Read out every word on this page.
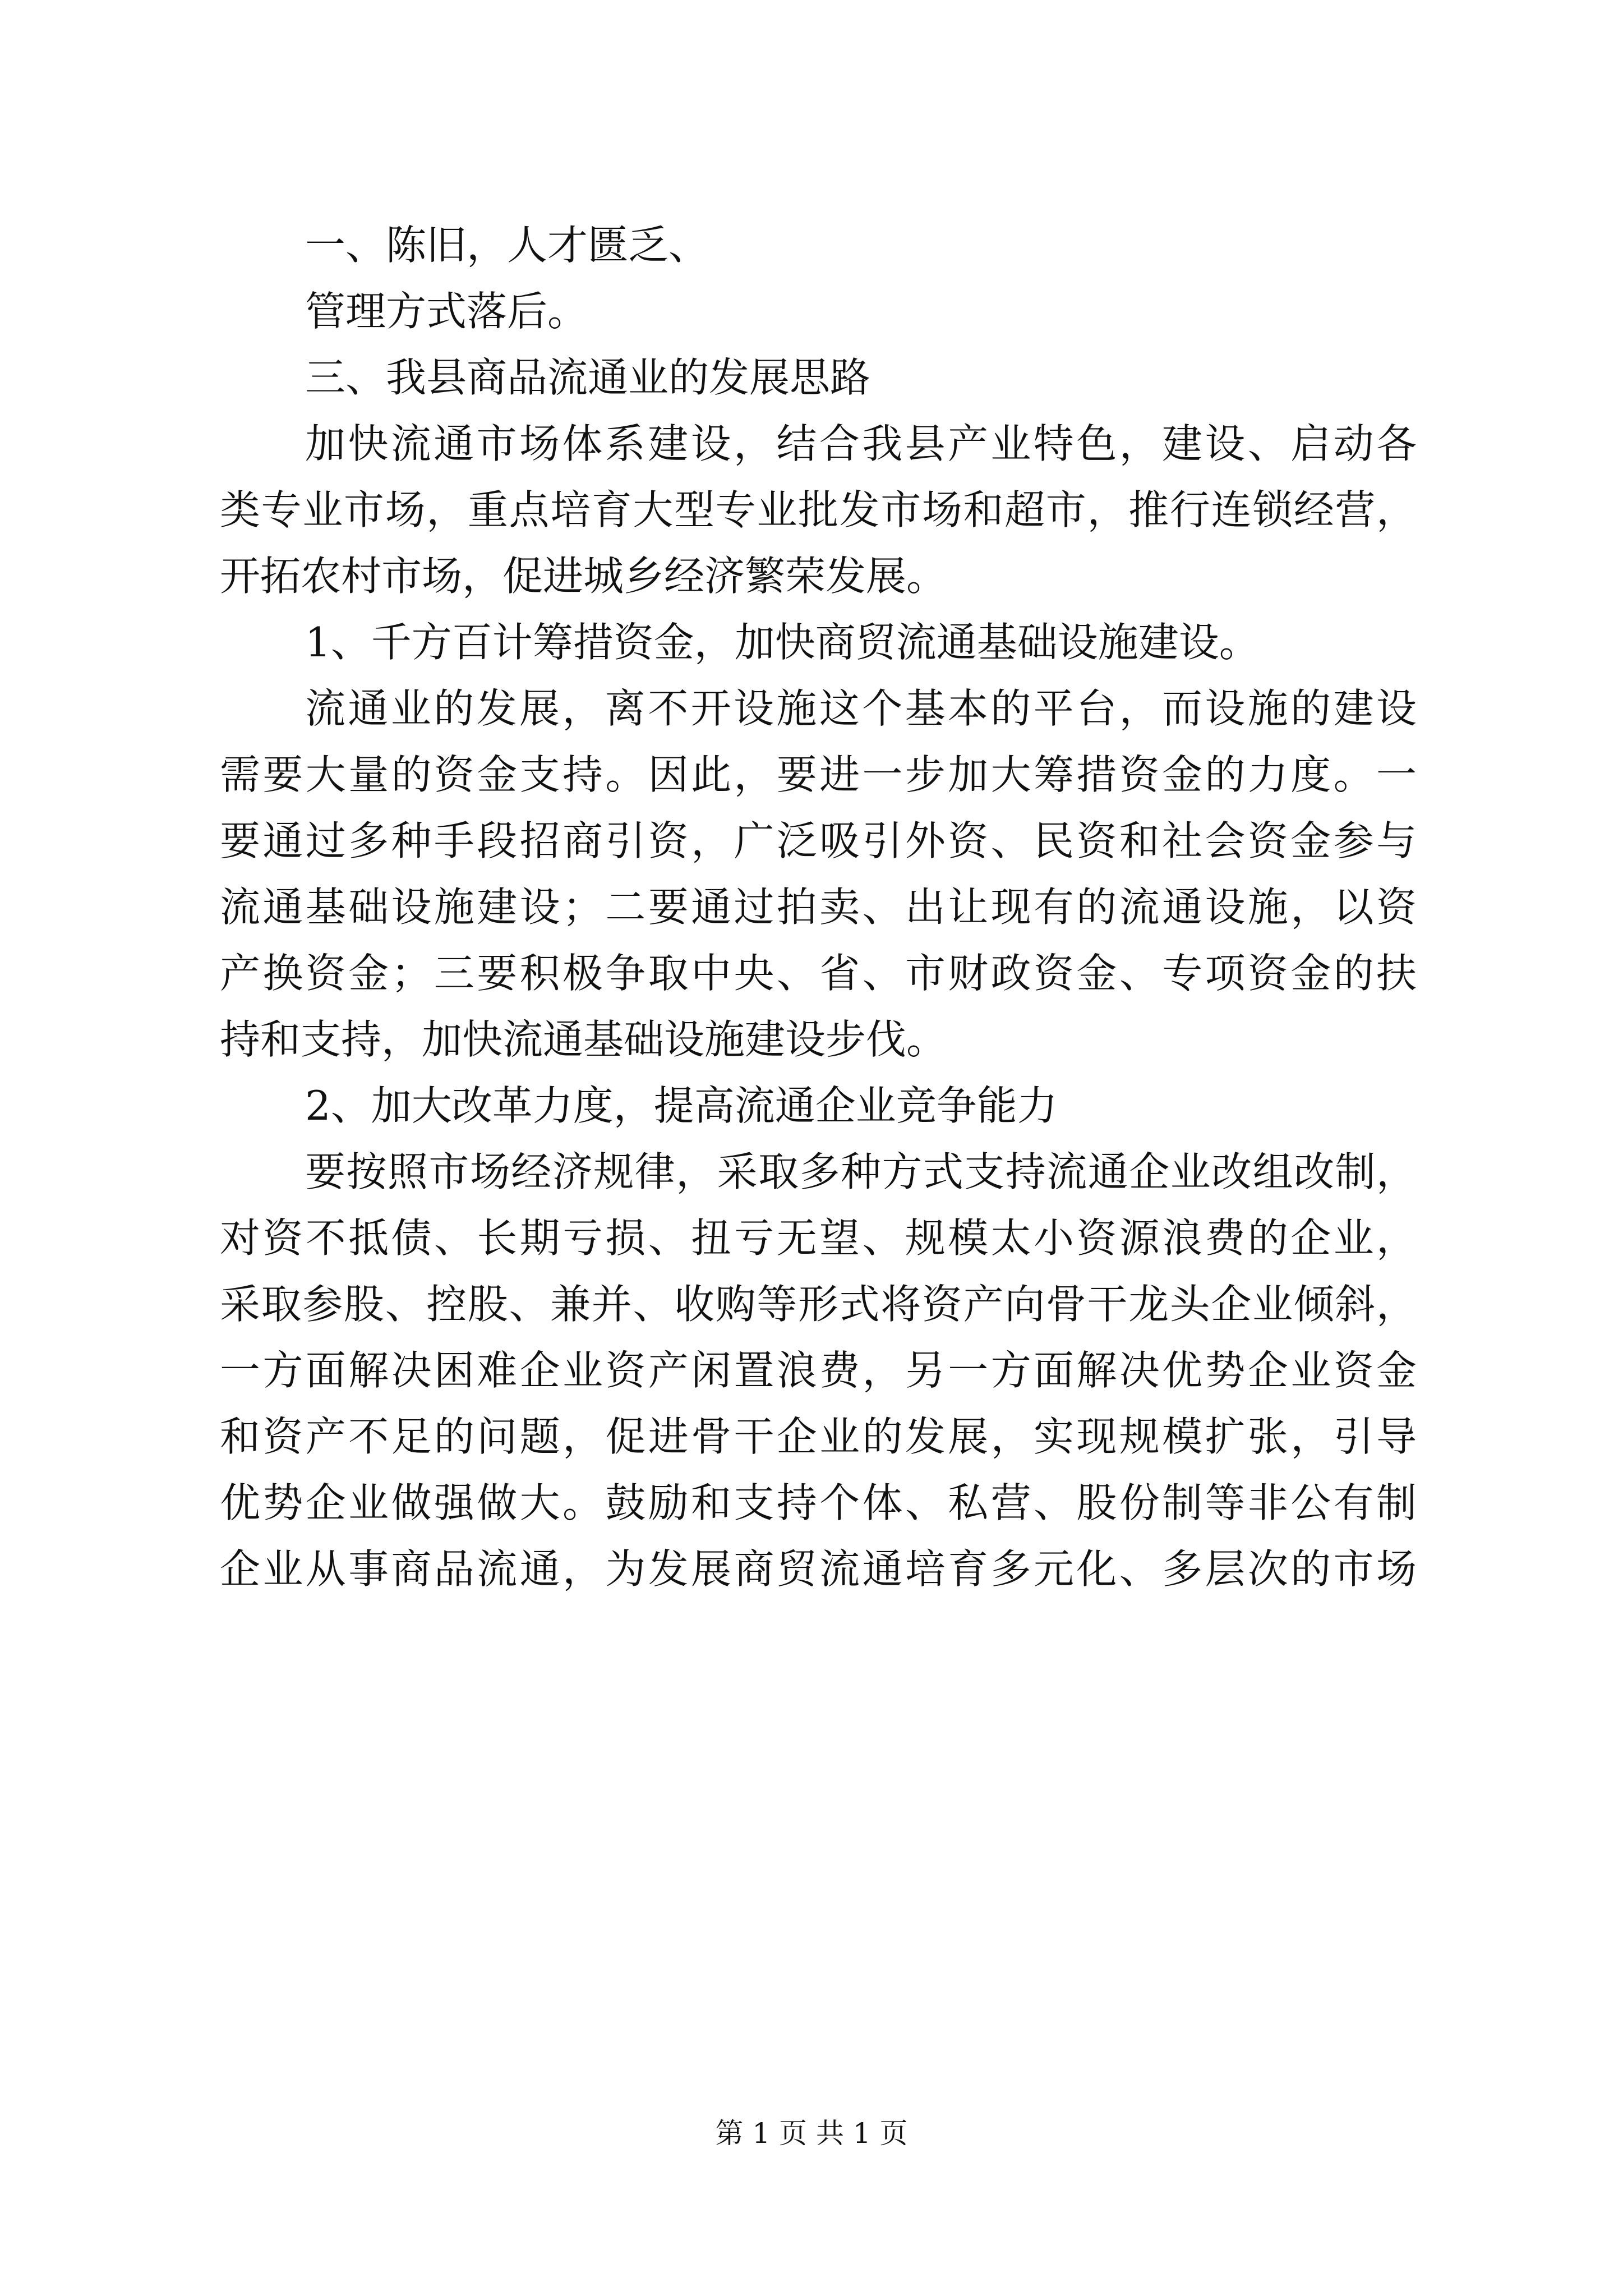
一、陈旧，人才匮乏、
管理方式落后。
三、我县商品流通业的发展思路
加快流通市场体系建设，结合我县产业特色，建设、启动各
类专业市场，重点培育大型专业批发市场和超市，推行连锁经营，
开拓农村市场，促进城乡经济繁荣发展。
1、千方百计筹措资金，加快商贸流通基础设施建设。
流通业的发展，离不开设施这个基本的平台，而设施的建设
需要大量的资金支持。因此，要进一步加大筹措资金的力度。一
要通过多种手段招商引资，广泛吸引外资、民资和社会资金参与
流通基础设施建设；二要通过拍卖、出让现有的流通设施，以资
产换资金；三要积极争取中央、省、市财政资金、专项资金的扶
持和支持，加快流通基础设施建设步伐。
2、加大改革力度，提高流通企业竞争能力
要按照市场经济规律，采取多种方式支持流通企业改组改制，
对资不抵债、长期亏损、扭亏无望、规模太小资源浪费的企业，
采取参股、控股、兼并、收购等形式将资产向骨干龙头企业倾斜，
一方面解决困难企业资产闲置浪费，另一方面解决优势企业资金
和资产不足的问题，促进骨干企业的发展，实现规模扩张，引导
优势企业做强做大。鼓励和支持个体、私营、股份制等非公有制
企业从事商品流通，为发展商贸流通培育多元化、多层次的市场
第 1 页 共 1 页
